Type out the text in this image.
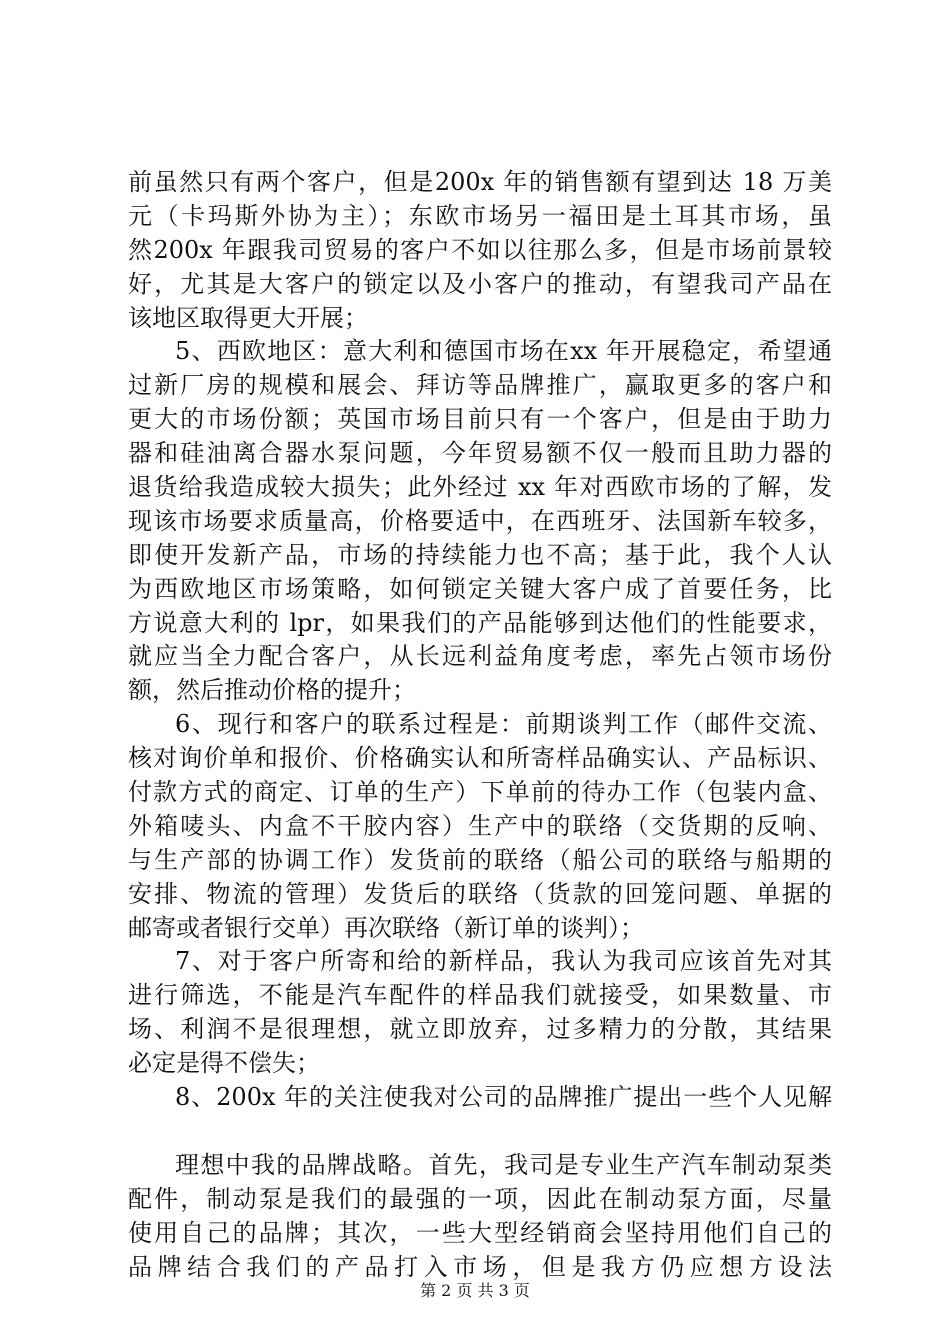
前虽然只有两个客户，但是200x 年的销售额有望到达 18 万美
元（卡玛斯外协为主）；东欧市场另一福田是土耳其市场，虽
然200x 年跟我司贸易的客户不如以往那么多，但是市场前景较
好，尤其是大客户的锁定以及小客户的推动，有望我司产品在
该地区取得更大开展；
5、西欧地区：意大利和德国市场在xx 年开展稳定，希望通
过新厂房的规模和展会、拜访等品牌推广，赢取更多的客户和
更大的市场份额；英国市场目前只有一个客户，但是由于助力
器和硅油离合器水泵问题，今年贸易额不仅一般而且助力器的
退货给我造成较大损失；此外经过 xx 年对西欧市场的了解，发
现该市场要求质量高，价格要适中，在西班牙、法国新车较多，
即使开发新产品，市场的持续能力也不高；基于此，我个人认
为西欧地区市场策略，如何锁定关键大客户成了首要任务，比
方说意大利的 lpr，如果我们的产品能够到达他们的性能要求，
就应当全力配合客户，从长远利益角度考虑，率先占领市场份
额，然后推动价格的提升；
6、现行和客户的联系过程是：前期谈判工作（邮件交流、
核对询价单和报价、价格确实认和所寄样品确实认、产品标识、
付款方式的商定、订单的生产）下单前的待办工作（包装内盒、
外箱唛头、内盒不干胶内容）生产中的联络（交货期的反响、
与生产部的协调工作）发货前的联络（船公司的联络与船期的
安排、物流的管理）发货后的联络（货款的回笼问题、单据的
邮寄或者银行交单）再次联络（新订单的谈判）；
7、对于客户所寄和给的新样品，我认为我司应该首先对其
进行筛选，不能是汽车配件的样品我们就接受，如果数量、市
场、利润不是很理想，就立即放弃，过多精力的分散，其结果
必定是得不偿失；
8、200x 年的关注使我对公司的品牌推广提出一些个人见解
理想中我的品牌战略。首先，我司是专业生产汽车制动泵类
配件，制动泵是我们的最强的一项，因此在制动泵方面，尽量
使用自己的品牌；其次，一些大型经销商会坚持用他们自己的
品牌结合我们的产品打入市场，但是我方仍应想方设法
第 2 页 共 3 页
